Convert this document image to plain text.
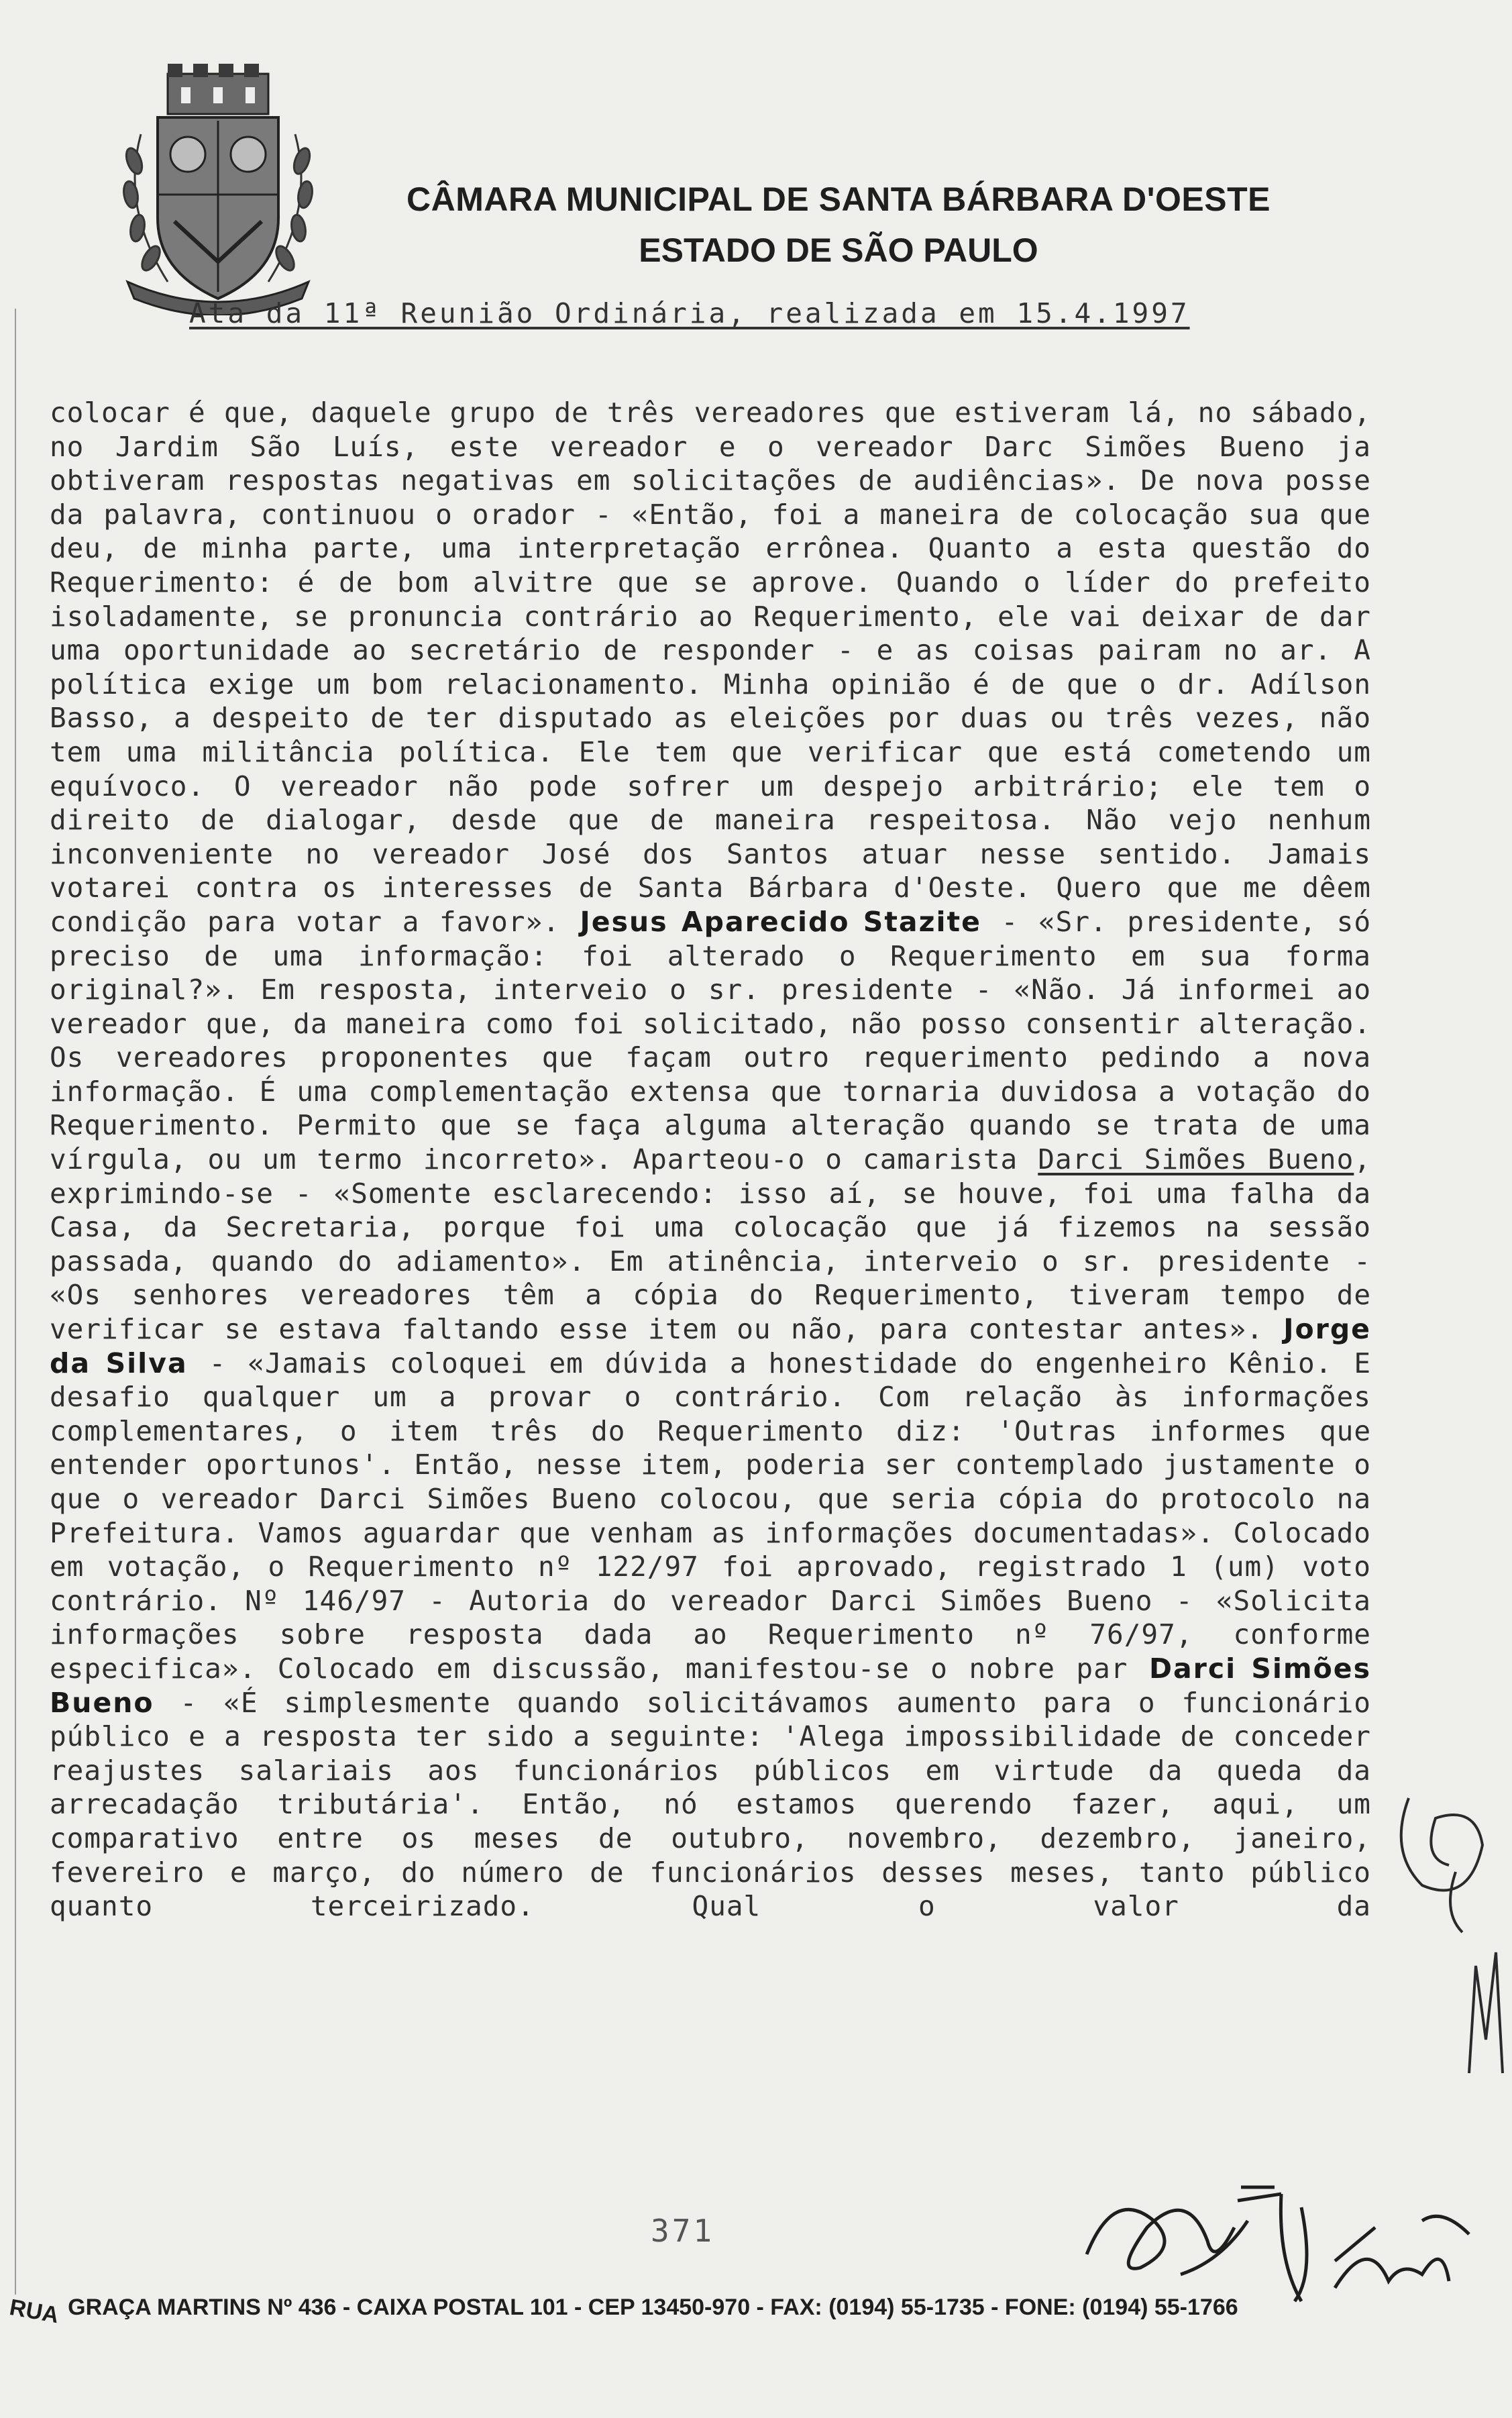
CÂMARA MUNICIPAL DE SANTA BÁRBARA D'OESTE
ESTADO DE SÃO PAULO
Ata da 11ª Reunião Ordinária, realizada em 15.4.1997

colocar é que, daquele grupo de três vereadores que estiveram lá, no sábado, no Jardim São Luís, este vereador e o vereador Darc Simões Bueno ja obtiveram respostas negativas em solicitações de audiências». De nova posse da palavra, continuou o orador - «Então, foi a maneira de colocação sua que deu, de minha parte, uma interpretação errônea. Quanto a esta questão do Requerimento: é de bom alvitre que se aprove. Quando o líder do prefeito isoladamente, se pronuncia contrário ao Requerimento, ele vai deixar de dar uma oportunidade ao secretário de responder - e as coisas pairam no ar. A política exige um bom relacionamento. Minha opinião é de que o dr. Adílson Basso, a despeito de ter disputado as eleições por duas ou três vezes, não tem uma militância política. Ele tem que verificar que está cometendo um equívoco. O vereador não pode sofrer um despejo arbitrário; ele tem o direito de dialogar, desde que de maneira respeitosa. Não vejo nenhum inconveniente no vereador José dos Santos atuar nesse sentido. Jamais votarei contra os interesses de Santa Bárbara d'Oeste. Quero que me dêem condição para votar a favor». Jesus Aparecido Stazite - «Sr. presidente, só preciso de uma informação: foi alterado o Requerimento em sua forma original?». Em resposta, interveio o sr. presidente - «Não. Já informei ao vereador que, da maneira como foi solicitado, não posso consentir alteração. Os vereadores proponentes que façam outro requerimento pedindo a nova informação. É uma complementação extensa que tornaria duvidosa a votação do Requerimento. Permito que se faça alguma alteração quando se trata de uma vírgula, ou um termo incorreto». Aparteou-o o camarista Darci Simões Bueno, exprimindo-se - «Somente esclarecendo: isso aí, se houve, foi uma falha da Casa, da Secretaria, porque foi uma colocação que já fizemos na sessão passada, quando do adiamento». Em atinência, interveio o sr. presidente - «Os senhores vereadores têm a cópia do Requerimento, tiveram tempo de verificar se estava faltando esse item ou não, para contestar antes». Jorge da Silva - «Jamais coloquei em dúvida a honestidade do engenheiro Kênio. E desafio qualquer um a provar o contrário. Com relação às informações complementares, o item três do Requerimento diz: 'Outras informes que entender oportunos'. Então, nesse item, poderia ser contemplado justamente o que o vereador Darci Simões Bueno colocou, que seria cópia do protocolo na Prefeitura. Vamos aguardar que venham as informações documentadas». Colocado em votação, o Requerimento nº 122/97 foi aprovado, registrado 1 (um) voto contrário. Nº 146/97 - Autoria do vereador Darci Simões Bueno - «Solicita informações sobre resposta dada ao Requerimento nº 76/97, conforme especifica». Colocado em discussão, manifestou-se o nobre par Darci Simões Bueno - «É simplesmente quando solicitávamos aumento para o funcionário público e a resposta ter sido a seguinte: 'Alega impossibilidade de conceder reajustes salariais aos funcionários públicos em virtude da queda da arrecadação tributária'. Então, nó estamos querendo fazer, aqui, um comparativo entre os meses de outubro, novembro, dezembro, janeiro, fevereiro e março, do número de funcionários desses meses, tanto público quanto terceirizado. Qual o valor da

371
RUA GRAÇA MARTINS Nº 436 - CAIXA POSTAL 101 - CEP 13450-970 - FAX: (0194) 55-1735 - FONE: (0194) 55-1766
